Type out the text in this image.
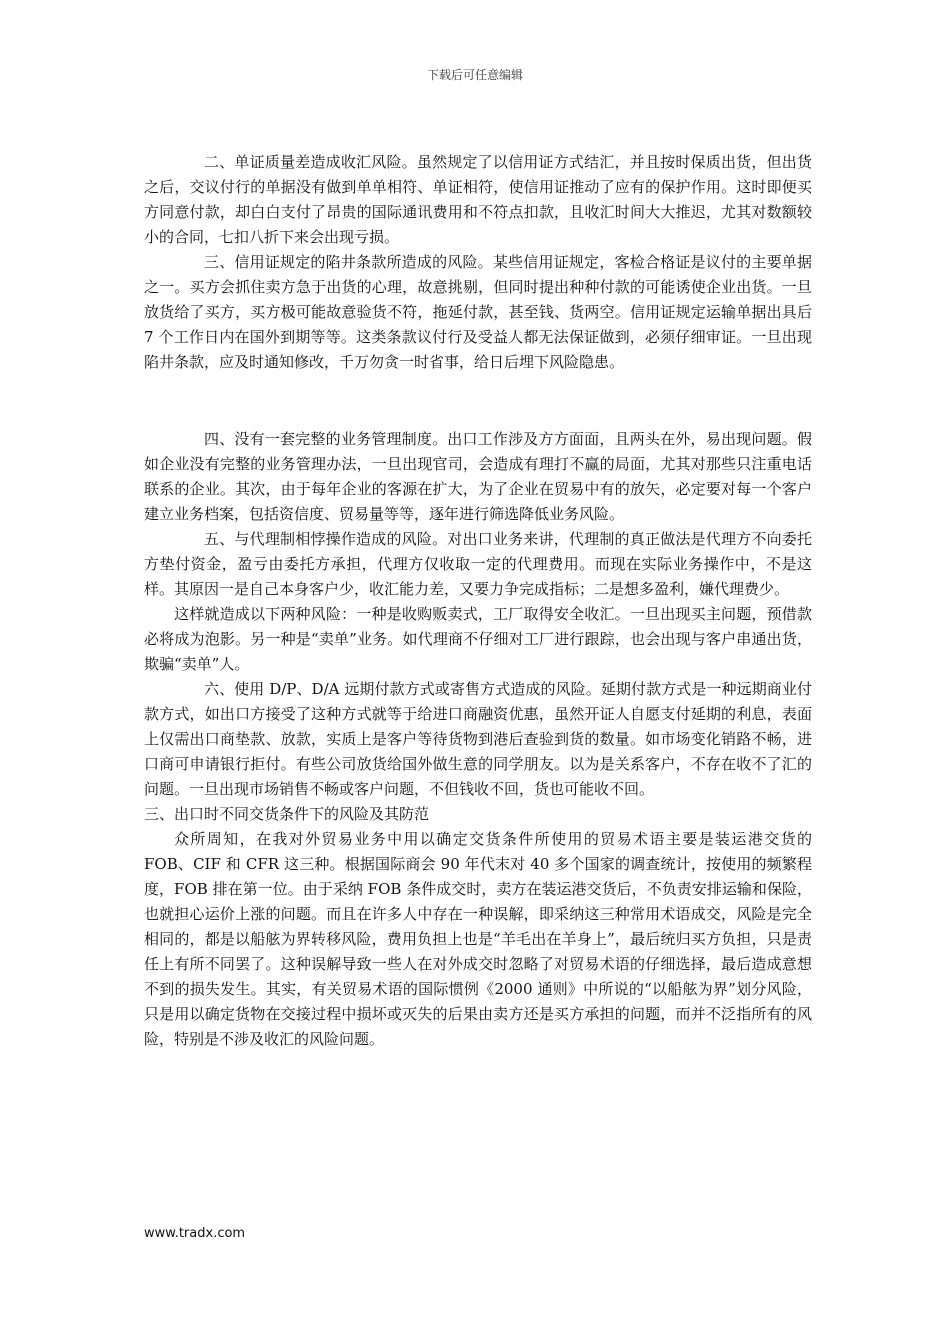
下载后可任意编辑

二、单证质量差造成收汇风险。虽然规定了以信用证方式结汇，并且按时保质出货，但出货之后，交议付行的单据没有做到单单相符、单证相符，使信用证推动了应有的保护作用。这时即便买方同意付款，却白白支付了昂贵的国际通讯费用和不符点扣款，且收汇时间大大推迟，尤其对数额较小的合同，七扣八折下来会出现亏损。

三、信用证规定的陷井条款所造成的风险。某些信用证规定，客检合格证是议付的主要单据之一。买方会抓住卖方急于出货的心理，故意挑剔，但同时提出种种付款的可能诱使企业出货。一旦放货给了买方，买方极可能故意验货不符，拖延付款，甚至钱、货两空。信用证规定运输单据出具后 7 个工作日内在国外到期等等。这类条款议付行及受益人都无法保证做到，必须仔细审证。一旦出现陷井条款，应及时通知修改，千万勿贪一时省事，给日后埋下风险隐患。

四、没有一套完整的业务管理制度。出口工作涉及方方面面，且两头在外，易出现问题。假如企业没有完整的业务管理办法，一旦出现官司，会造成有理打不赢的局面，尤其对那些只注重电话联系的企业。其次，由于每年企业的客源在扩大，为了企业在贸易中有的放矢，必定要对每一个客户建立业务档案，包括资信度、贸易量等等，逐年进行筛选降低业务风险。

五、与代理制相悖操作造成的风险。对出口业务来讲，代理制的真正做法是代理方不向委托方垫付资金，盈亏由委托方承担，代理方仅收取一定的代理费用。而现在实际业务操作中，不是这样。其原因一是自己本身客户少，收汇能力差，又要力争完成指标；二是想多盈利，嫌代理费少。

这样就造成以下两种风险：一种是收购贩卖式，工厂取得安全收汇。一旦出现买主问题，预借款必将成为泡影。另一种是“卖单”业务。如代理商不仔细对工厂进行跟踪，也会出现与客户串通出货，欺骗“卖单”人。

六、使用 D/P、D/A 远期付款方式或寄售方式造成的风险。延期付款方式是一种远期商业付款方式，如出口方接受了这种方式就等于给进口商融资优惠，虽然开证人自愿支付延期的利息，表面上仅需出口商垫款、放款，实质上是客户等待货物到港后查验到货的数量。如市场变化销路不畅，进口商可申请银行拒付。有些公司放货给国外做生意的同学朋友。以为是关系客户，不存在收不了汇的问题。一旦出现市场销售不畅或客户问题，不但钱收不回，货也可能收不回。

三、出口时不同交货条件下的风险及其防范

众所周知，在我对外贸易业务中用以确定交货条件所使用的贸易术语主要是装运港交货的 FOB、CIF 和 CFR 这三种。根据国际商会 90 年代末对 40 多个国家的调查统计，按使用的频繁程度，FOB 排在第一位。由于采纳 FOB 条件成交时，卖方在装运港交货后，不负责安排运输和保险，也就担心运价上涨的问题。而且在许多人中存在一种误解，即采纳这三种常用术语成交，风险是完全相同的，都是以船舷为界转移风险，费用负担上也是“羊毛出在羊身上”，最后统归买方负担，只是责任上有所不同罢了。这种误解导致一些人在对外成交时忽略了对贸易术语的仔细选择，最后造成意想不到的损失发生。其实，有关贸易术语的国际惯例《2000 通则》中所说的“以船舷为界”划分风险，只是用以确定货物在交接过程中损坏或灭失的后果由卖方还是买方承担的问题，而并不泛指所有的风险，特别是不涉及收汇的风险问题。

www.tradx.com
